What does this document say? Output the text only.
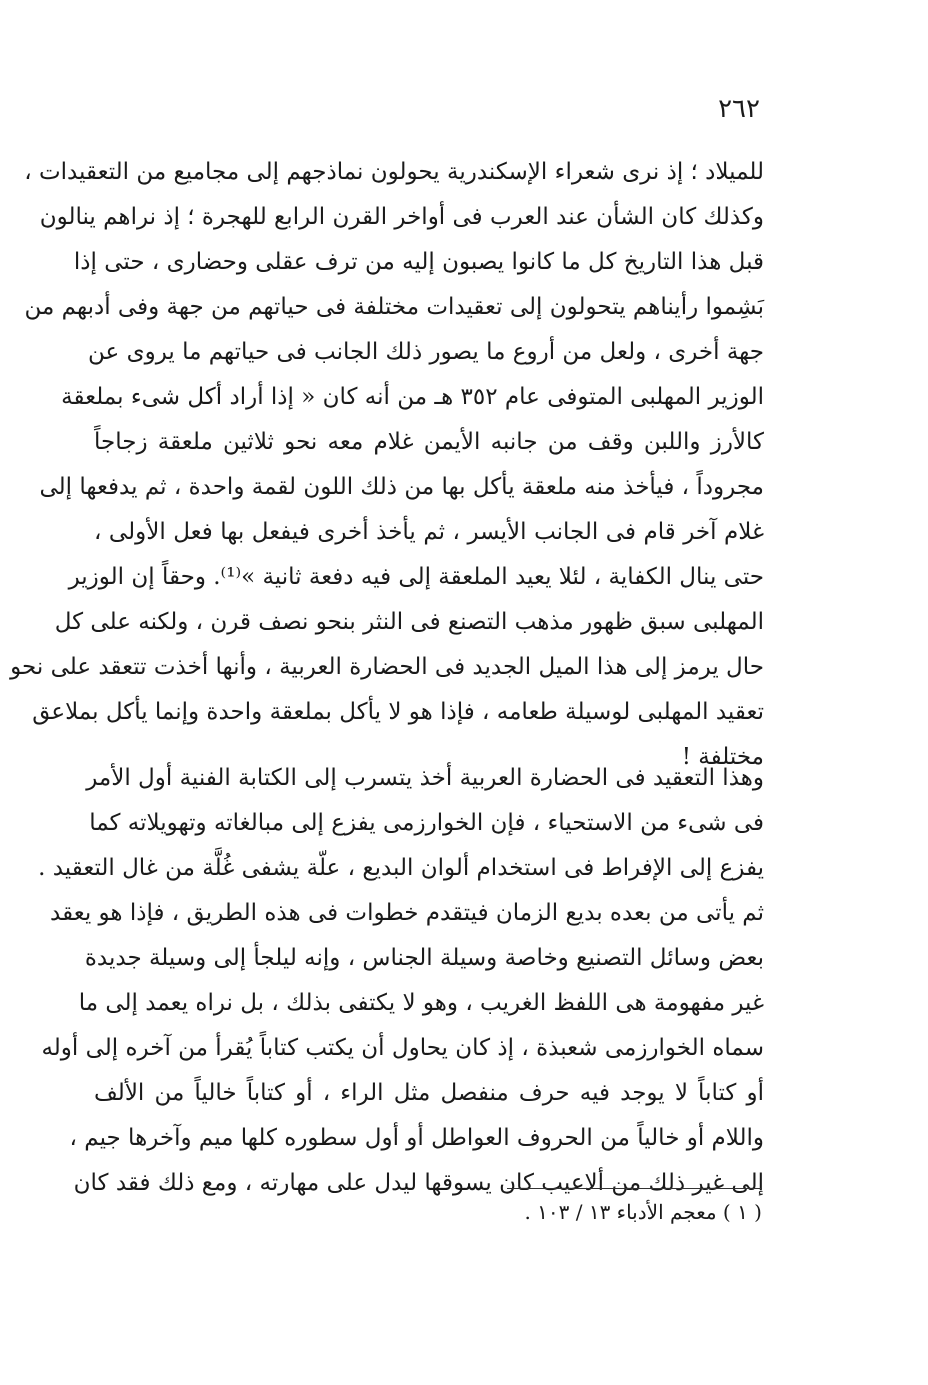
٢٦٢
للميلاد ؛ إذ نرى شعراء الإسكندرية يحولون نماذجهم إلى مجاميع من التعقيدات ،
وكذلك كان الشأن عند العرب فى أواخر القرن الرابع للهجرة ؛ إذ نراهم ينالون
قبل هذا التاريخ كل ما كانوا يصبون إليه من ترف عقلى وحضارى ، حتى إذا
بَشِموا رأيناهم يتحولون إلى تعقيدات مختلفة فى حياتهم من جهة وفى أدبهم من
جهة أخرى ، ولعل من أروع ما يصور ذلك الجانب فى حياتهم ما يروى عن
الوزير المهلبى المتوفى عام ٣٥٢ هـ من أنه كان « إذا أراد أكل شىء بملعقة
كالأرز واللبن وقف من جانبه الأيمن غلام معه نحو ثلاثين ملعقة زجاجاً
مجروداً ، فيأخذ منه ملعقة يأكل بها من ذلك اللون لقمة واحدة ، ثم يدفعها إلى
غلام آخر قام فى الجانب الأيسر ، ثم يأخذ أخرى فيفعل بها فعل الأولى ،
حتى ينال الكفاية ، لئلا يعيد الملعقة إلى فيه دفعة ثانية »⁽¹⁾. وحقاً إن الوزير
المهلبى سبق ظهور مذهب التصنع فى النثر بنحو نصف قرن ، ولكنه على كل
حال يرمز إلى هذا الميل الجديد فى الحضارة العربية ، وأنها أخذت تتعقد على نحو
تعقيد المهلبى لوسيلة طعامه ، فإذا هو لا يأكل بملعقة واحدة وإنما يأكل بملاعق
مختلفة !
وهذا التعقيد فى الحضارة العربية أخذ يتسرب إلى الكتابة الفنية أول الأمر
فى شىء من الاستحياء ، فإن الخوارزمى يفزع إلى مبالغاته وتهويلاته كما
يفزع إلى الإفراط فى استخدام ألوان البديع ، علّة يشفى غُلَّة من غال التعقيد .
ثم يأتى من بعده بديع الزمان فيتقدم خطوات فى هذه الطريق ، فإذا هو يعقد
بعض وسائل التصنيع وخاصة وسيلة الجناس ، وإنه ليلجأ إلى وسيلة جديدة
غير مفهومة هى اللفظ الغريب ، وهو لا يكتفى بذلك ، بل نراه يعمد إلى ما
سماه الخوارزمى شعبذة ، إذ كان يحاول أن يكتب كتاباً يُقرأ من آخره إلى أوله
أو كتاباً لا يوجد فيه حرف منفصل مثل الراء ، أو كتاباً خالياً من الألف
واللام أو خالياً من الحروف العواطل أو أول سطوره كلها ميم وآخرها جيم ،
إلى غير ذلك من ألاعيب كان يسوقها ليدل على مهارته ، ومع ذلك فقد كان
( ١ ) معجم الأدباء ١٣ / ١٠٣ .
